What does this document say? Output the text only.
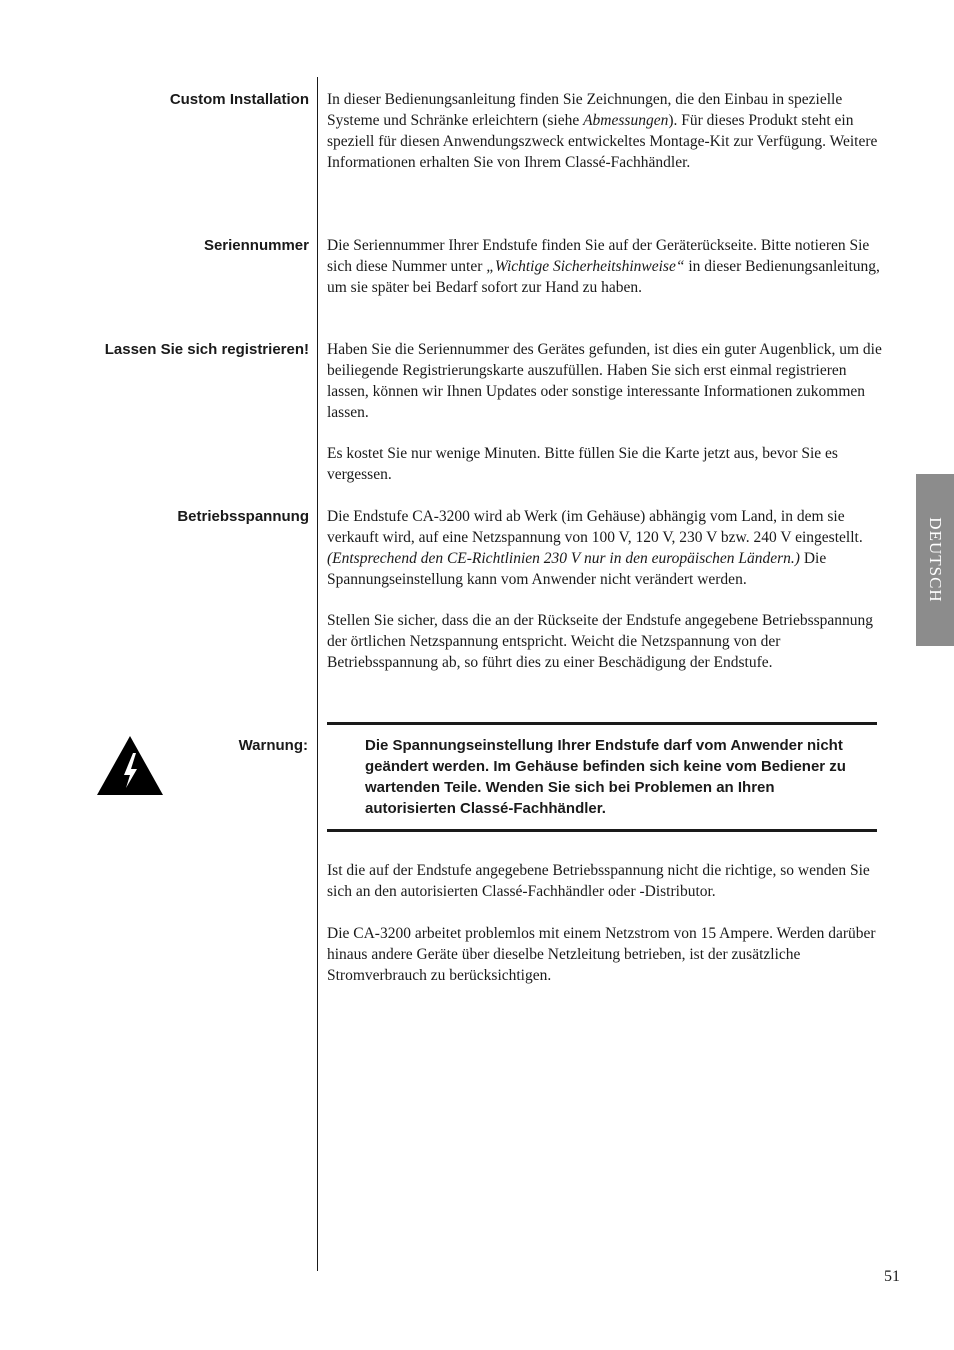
Custom Installation In dieser Bedienungsanleitung finden Sie Zeichnungen, die den Einbau in spezielle Systeme und Schränke erleichtern (siehe Abmessungen). Für dieses Produkt steht ein speziell für diesen Anwendungszweck entwickeltes Montage-Kit zur Verfügung. Weitere Informationen erhalten Sie von Ihrem Classé-Fachhändler.
Seriennummer Die Seriennummer Ihrer Endstufe finden Sie auf der Geräterückseite. Bitte notieren Sie sich diese Nummer unter „Wichtige Sicherheitshinweise“ in dieser Bedienungsanleitung, um sie später bei Bedarf sofort zur Hand zu haben.
Lassen Sie sich registrieren! Haben Sie die Seriennummer des Gerätes gefunden, ist dies ein guter Augenblick, um die beiliegende Registrierungskarte auszufüllen. Haben Sie sich erst einmal registrieren lassen, können wir Ihnen Updates oder sonstige interessante Informationen zukommen lassen.
Es kostet Sie nur wenige Minuten. Bitte füllen Sie die Karte jetzt aus, bevor Sie es vergessen.
Betriebsspannung Die Endstufe CA-3200 wird ab Werk (im Gehäuse) abhängig vom Land, in dem sie verkauft wird, auf eine Netzspannung von 100 V, 120 V, 230 V bzw. 240 V eingestellt. (Entsprechend den CE-Richtlinien 230 V nur in den europäischen Ländern.) Die Spannungseinstellung kann vom Anwender nicht verändert werden.
Stellen Sie sicher, dass die an der Rückseite der Endstufe angegebene Betriebsspannung der örtlichen Netzspannung entspricht. Weicht die Netzspannung von der Betriebsspannung ab, so führt dies zu einer Beschädigung der Endstufe.
Warnung:	Die Spannungseinstellung Ihrer Endstufe darf vom Anwender nicht geändert werden. Im Gehäuse befinden sich keine vom Bediener zu wartenden Teile. Wenden Sie sich bei Problemen an Ihren autorisierten Classé-Fachhändler.
Ist die auf der Endstufe angegebene Betriebsspannung nicht die richtige, so wenden Sie sich an den autorisierten Classé-Fachhändler oder -Distributor.
Die CA-3200 arbeitet problemlos mit einem Netzstrom von 15 Ampere. Werden darüber hinaus andere Geräte über dieselbe Netzleitung betrieben, ist der zusätzliche Stromverbrauch zu berücksichtigen.
DEUTSCH
51
